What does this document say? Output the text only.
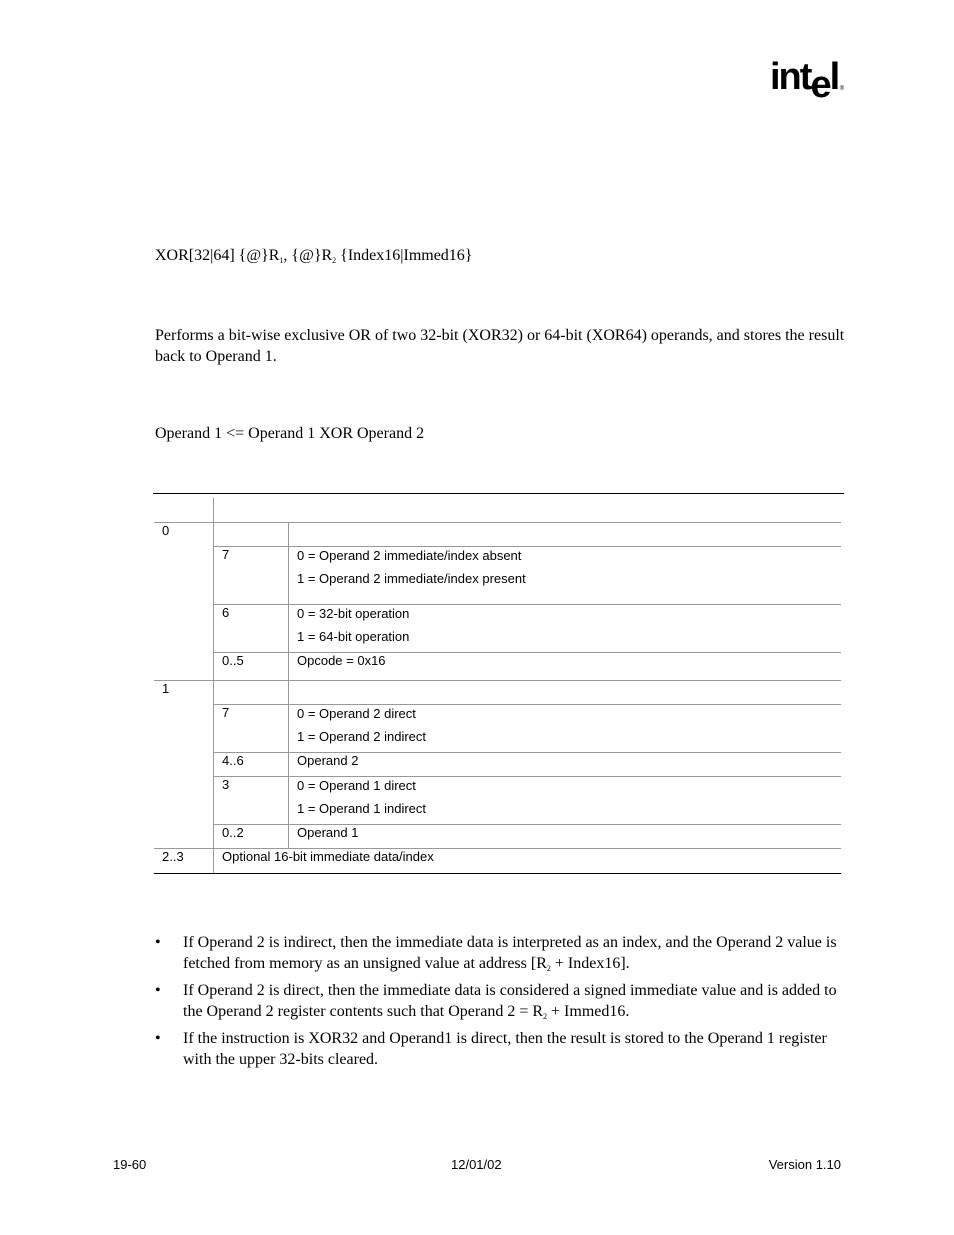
intel ®
XOR[32|64] $\{@\}R_1$, $\{@\}R_2$ {Index16|Immed16}
Performs a bit-wise exclusive OR of two 32-bit (XOR32) or 64-bit (XOR64) operands, and stores the result back to Operand 1.
Operand 1 <= Operand 1 XOR Operand 2

0		
	7	0 = Operand 2 immediate/index absent
1 = Operand 2 immediate/index present

	6	0 = 32-bit operation
1 = 64-bit operation

	0..5	Opcode = 0x16
1		
	7	0 = Operand 2 direct
1 = Operand 2 indirect

	4..6	Operand 2
	3	0 = Operand 1 direct
1 = Operand 1 indirect

	0..2	Operand 1
2..3	Optional 16-bit immediate data/index	
• If Operand 2 is indirect, then the immediate data is interpreted as an index, and the Operand 2 value is fetched from memory as an unsigned value at address [$R_2$ + Index16].
• If Operand 2 is direct, then the immediate data is considered a signed immediate value and is added to the Operand 2 register contents such that Operand $2 = R_2$ + Immed16.
• If the instruction is XOR32 and Operand1 is direct, then the result is stored to the Operand 1 register with the upper 32-bits cleared.
19-60	12/01/02	Version 1.10
